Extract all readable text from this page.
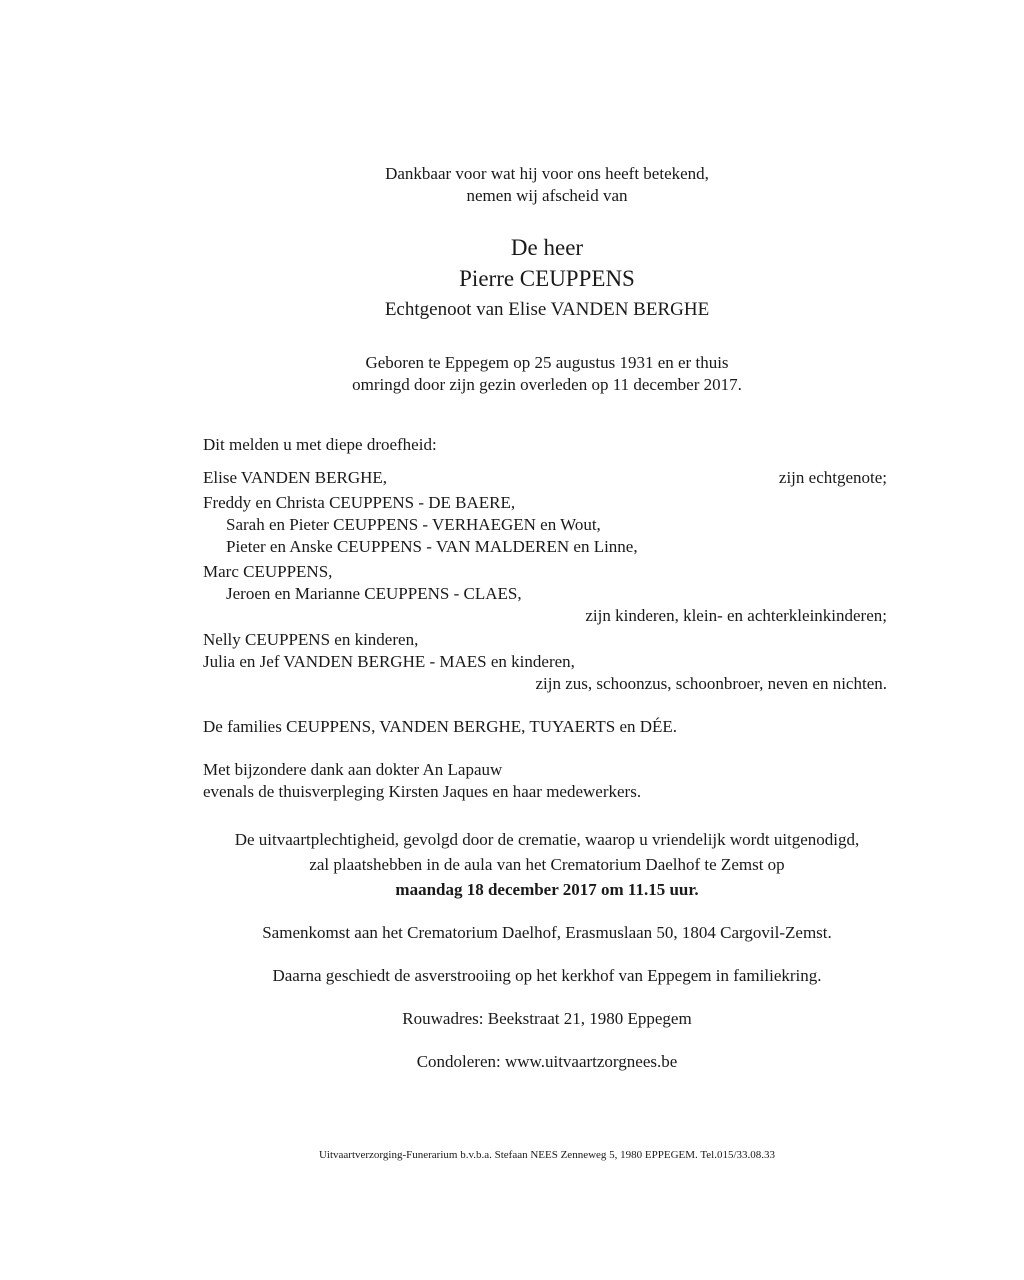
Dankbaar voor wat hij voor ons heeft betekend,
nemen wij afscheid van
De heer
Pierre CEUPPENS
Echtgenoot van Elise VANDEN BERGHE
Geboren te Eppegem op 25 augustus 1931 en er thuis
omringd door zijn gezin overleden op 11 december 2017.
Dit melden u met diepe droefheid:
Elise VANDEN BERGHE,	zijn echtgenote;
Freddy en Christa CEUPPENS - DE BAERE,
Sarah en Pieter CEUPPENS - VERHAEGEN en Wout,
Pieter en Anske CEUPPENS - VAN MALDEREN en Linne,
Marc CEUPPENS,
Jeroen en Marianne CEUPPENS - CLAES,
zijn kinderen, klein- en achterkleinkinderen;
Nelly CEUPPENS en kinderen,
Julia en Jef VANDEN BERGHE - MAES en kinderen,
zijn zus, schoonzus, schoonbroer, neven en nichten.
De families CEUPPENS, VANDEN BERGHE, TUYAERTS en DÉE.
Met bijzondere dank aan dokter An Lapauw
evenals de thuisverpleging Kirsten Jaques en haar medewerkers.
De uitvaartplechtigheid, gevolgd door de crematie, waarop u vriendelijk wordt uitgenodigd,
zal plaatshebben in de aula van het Crematorium Daelhof te Zemst op
maandag 18 december 2017 om 11.15 uur.
Samenkomst aan het Crematorium Daelhof, Erasmuslaan 50, 1804 Cargovil-Zemst.
Daarna geschiedt de asverstrooiing op het kerkhof van Eppegem in familiekring.
Rouwadres: Beekstraat 21, 1980 Eppegem
Condoleren: www.uitvaartzorgnees.be
Uitvaartverzorging-Funerarium b.v.b.a. Stefaan NEES Zenneweg 5, 1980 EPPEGEM. Tel.015/33.08.33
